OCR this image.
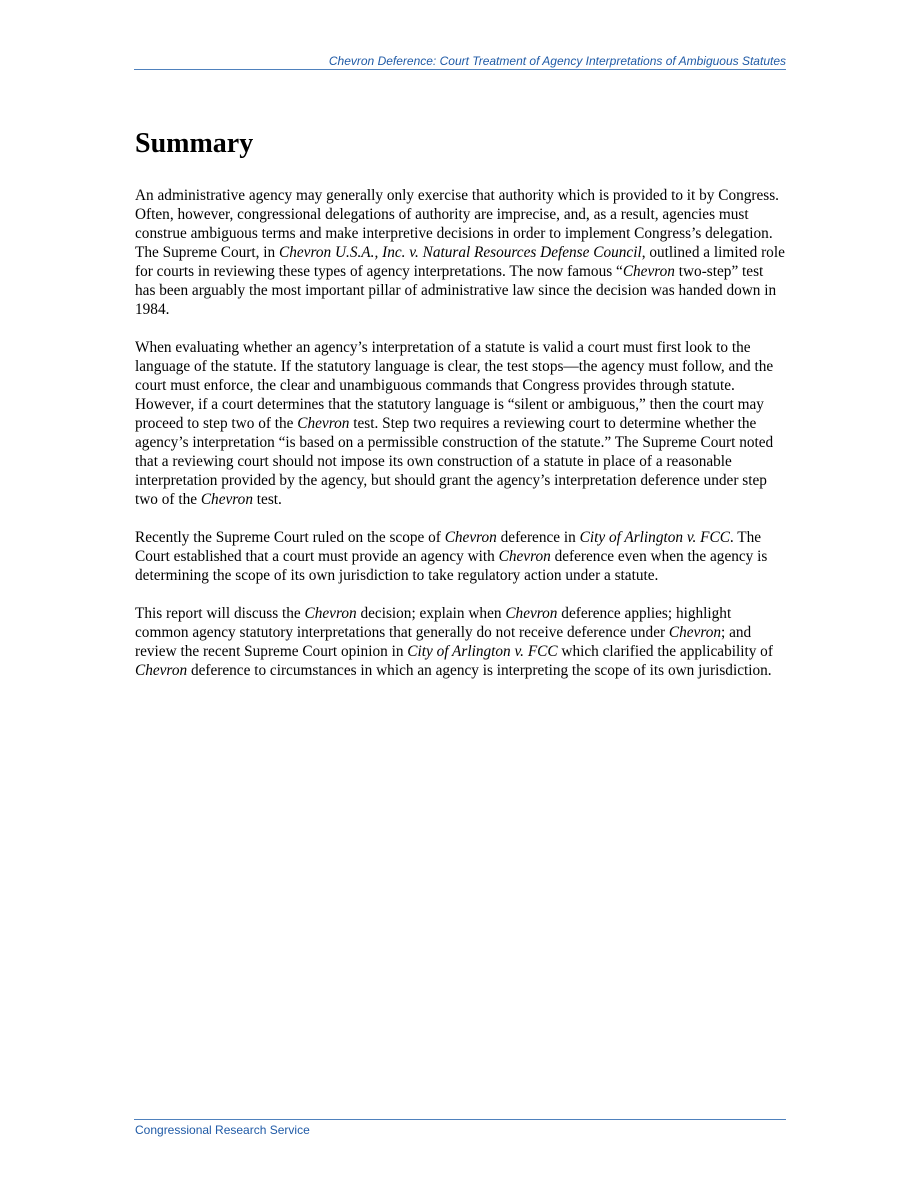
Chevron Deference: Court Treatment of Agency Interpretations of Ambiguous Statutes
Summary

An administrative agency may generally only exercise that authority which is provided to it by Congress. Often, however, congressional delegations of authority are imprecise, and, as a result, agencies must construe ambiguous terms and make interpretive decisions in order to implement Congress’s delegation. The Supreme Court, in Chevron U.S.A., Inc. v. Natural Resources Defense Council, outlined a limited role for courts in reviewing these types of agency interpretations. The now famous “Chevron two-step” test has been arguably the most important pillar of administrative law since the decision was handed down in 1984.

When evaluating whether an agency’s interpretation of a statute is valid a court must first look to the language of the statute. If the statutory language is clear, the test stops—the agency must follow, and the court must enforce, the clear and unambiguous commands that Congress provides through statute. However, if a court determines that the statutory language is “silent or ambiguous,” then the court may proceed to step two of the Chevron test. Step two requires a reviewing court to determine whether the agency’s interpretation “is based on a permissible construction of the statute.” The Supreme Court noted that a reviewing court should not impose its own construction of a statute in place of a reasonable interpretation provided by the agency, but should grant the agency’s interpretation deference under step two of the Chevron test.

Recently the Supreme Court ruled on the scope of Chevron deference in City of Arlington v. FCC. The Court established that a court must provide an agency with Chevron deference even when the agency is determining the scope of its own jurisdiction to take regulatory action under a statute.

This report will discuss the Chevron decision; explain when Chevron deference applies; highlight common agency statutory interpretations that generally do not receive deference under Chevron; and review the recent Supreme Court opinion in City of Arlington v. FCC which clarified the applicability of Chevron deference to circumstances in which an agency is interpreting the scope of its own jurisdiction.

Congressional Research Service
